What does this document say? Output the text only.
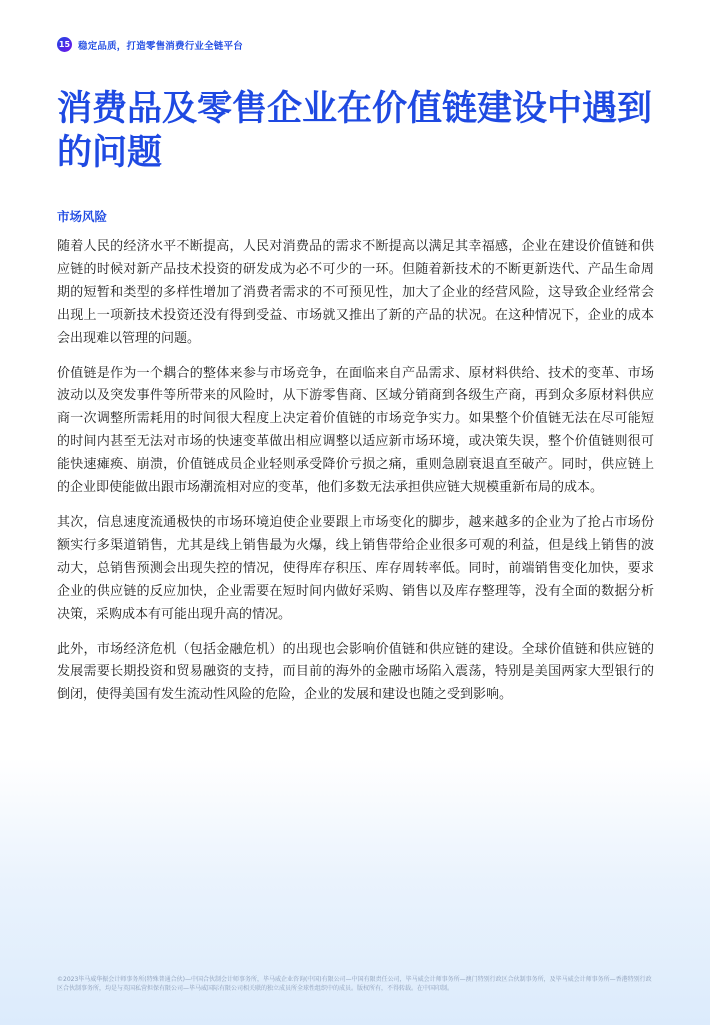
15 稳定品质，打造零售消费行业全链平台
消费品及零售企业在价值链建设中遇到的问题
市场风险

随着人民的经济水平不断提高，人民对消费品的需求不断提高以满足其幸福感，企业在建设价值链和供应链的时候对新产品技术投资的研发成为必不可少的一环。但随着新技术的不断更新迭代、产品生命周期的短暂和类型的多样性增加了消费者需求的不可预见性，加大了企业的经营风险，这导致企业经常会出现上一项新技术投资还没有得到受益、市场就又推出了新的产品的状况。在这种情况下，企业的成本会出现难以管理的问题。

价值链是作为一个耦合的整体来参与市场竞争，在面临来自产品需求、原材料供给、技术的变革、市场波动以及突发事件等所带来的风险时，从下游零售商、区域分销商到各级生产商，再到众多原材料供应商一次调整所需耗用的时间很大程度上决定着价值链的市场竞争实力。如果整个价值链无法在尽可能短的时间内甚至无法对市场的快速变革做出相应调整以适应新市场环境，或决策失误，整个价值链则很可能快速瘫痪、崩溃，价值链成员企业轻则承受降价亏损之痛，重则急剧衰退直至破产。同时，供应链上的企业即使能做出跟市场潮流相对应的变革，他们多数无法承担供应链大规模重新布局的成本。

其次，信息速度流通极快的市场环境迫使企业要跟上市场变化的脚步，越来越多的企业为了抢占市场份额实行多渠道销售，尤其是线上销售最为火爆，线上销售带给企业很多可观的利益，但是线上销售的波动大，总销售预测会出现失控的情况，使得库存积压、库存周转率低。同时，前端销售变化加快，要求企业的供应链的反应加快，企业需要在短时间内做好采购、销售以及库存整理等，没有全面的数据分析决策，采购成本有可能出现升高的情况。

此外，市场经济危机（包括金融危机）的出现也会影响价值链和供应链的建设。全球价值链和供应链的发展需要长期投资和贸易融资的支持，而目前的海外的金融市场陷入震荡，特别是美国两家大型银行的倒闭，使得美国有发生流动性风险的危险，企业的发展和建设也随之受到影响。

©2023毕马威华振会计师事务所(特殊普通合伙)—中国合伙制会计师事务所，毕马威企业咨询(中国)有限公司—中国有限责任公司，毕马威会计师事务所—澳门特别行政区合伙制事务所，及毕马威会计师事务所—香港特别行政区合伙制事务所，均是与英国私营担保有限公司—毕马威国际有限公司相关联的独立成员所全球性组织中的成员。版权所有，不得转载。在中国印制。
